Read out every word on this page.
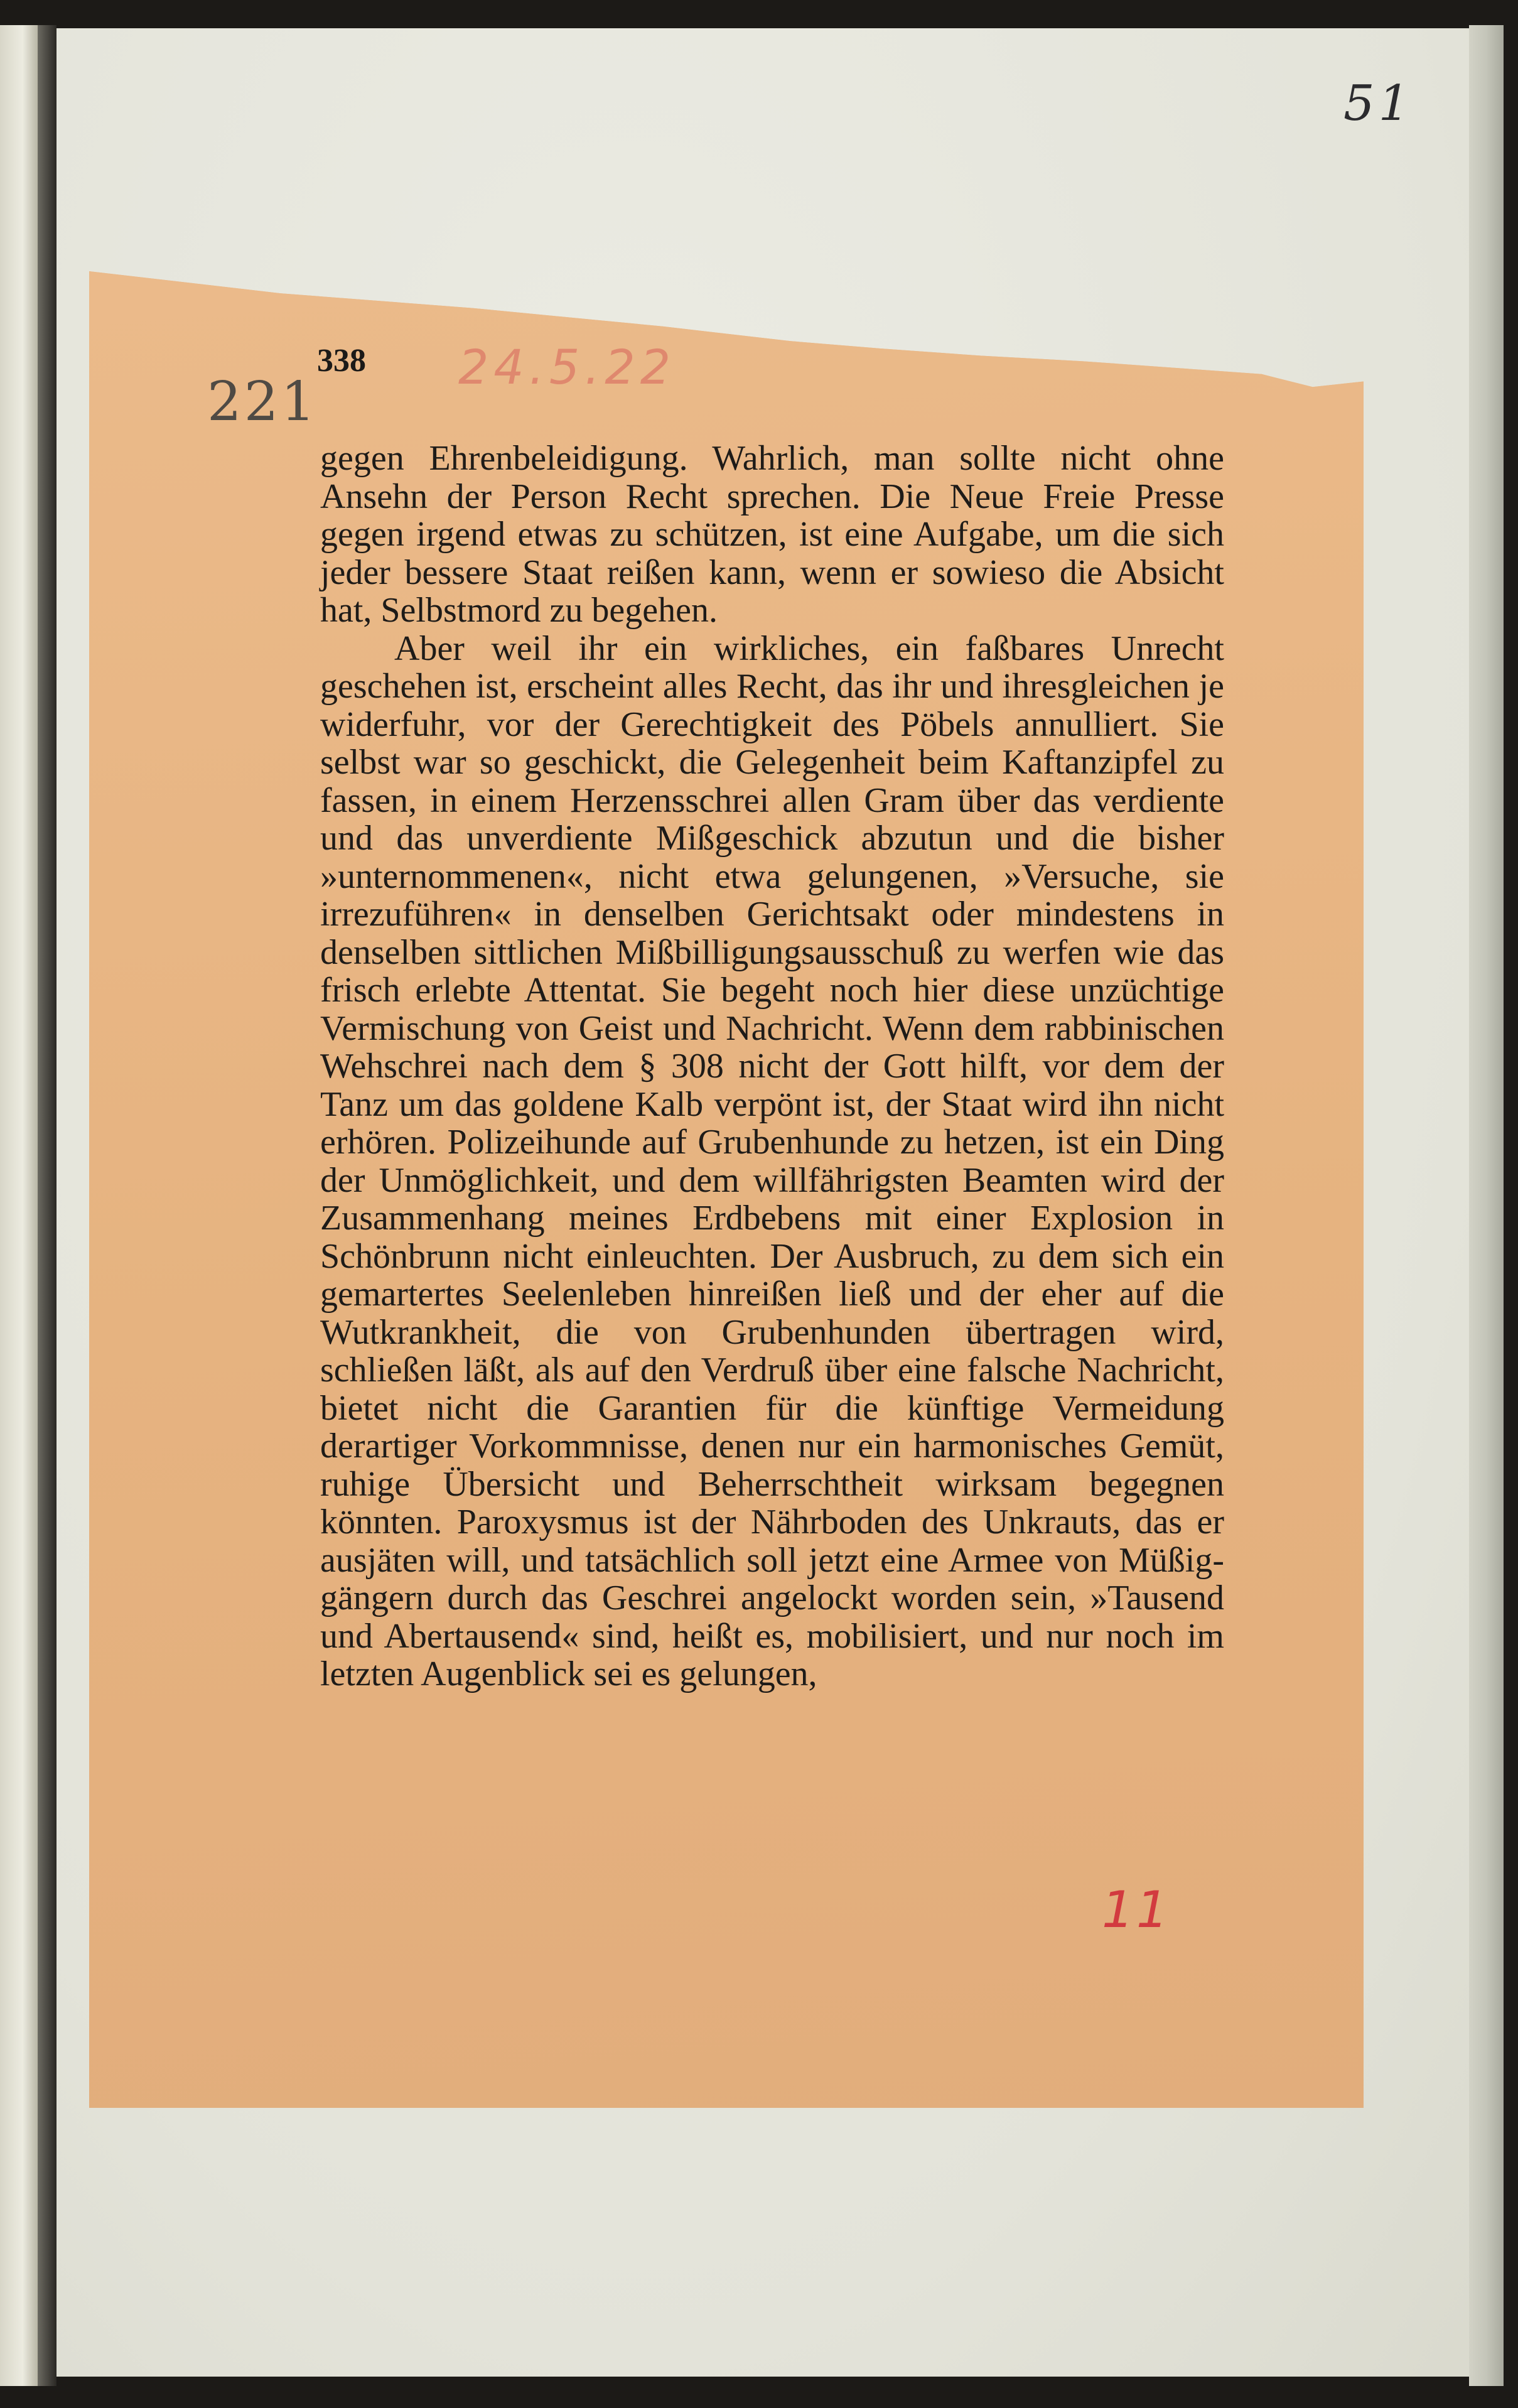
51
221
338 24.5.22

gegen Ehrenbeleidigung. Wahrlich, man sollte nicht ohne Ansehn der Person Recht sprechen. Die Neue Freie Presse gegen irgend etwas zu schützen, ist eine Aufgabe, um die sich jeder bessere Staat reißen kann, wenn er sowieso die Absicht hat, Selbstmord zu begehen.

Aber weil ihr ein wirkliches, ein faßbares Unrecht geschehen ist, erscheint alles Recht, das ihr und ihresgleichen je widerfuhr, vor der Gerechtigkeit des Pöbels annulliert. Sie selbst war so geschickt, die Gelegenheit beim Kaftanzipfel zu fassen, in einem Herzensschrei allen Gram über das verdiente und das unverdiente Mißgeschick abzutun und die bisher »unternommenen«, nicht etwa gelungenen, »Versuche, sie irrezuführen« in denselben Gerichtsakt oder mindestens in denselben sittlichen Mißbilligungsausschuß zu werfen wie das frisch erlebte Attentat. Sie begeht noch hier diese unzüchtige Vermischung von Geist und Nachricht. Wenn dem rabbinischen Wehschrei nach dem § 308 nicht der Gott hilft, vor dem der Tanz um das goldene Kalb verpönt ist, der Staat wird ihn nicht erhören. Polizeihunde auf Grubenhunde zu hetzen, ist ein Ding der Unmöglichkeit, und dem willfährigsten Beamten wird der Zusammenhang meines Erdbebens mit einer Explosion in Schönbrunn nicht einleuchten. Der Ausbruch, zu dem sich ein gemartertes Seelenleben hinreißen ließ und der eher auf die Wutkrankheit, die von Grubenhunden übertragen wird, schließen läßt, als auf den Verdruß über eine falsche Nachricht, bietet nicht die Garantien für die künftige Vermeidung derartiger Vorkommnisse, denen nur ein harmonisches Gemüt, ruhige Übersicht und Beherrschtheit wirksam begegnen könnten. Paroxysmus ist der Nährboden des Unkrauts, das er ausjäten will, und tatsächlich soll jetzt eine Armee von Müßiggängern durch das Geschrei angelockt worden sein, »Tausend und Abertausend« sind, heißt es, mobilisiert, und nur noch im letzten Augenblick sei es gelungen,

11
